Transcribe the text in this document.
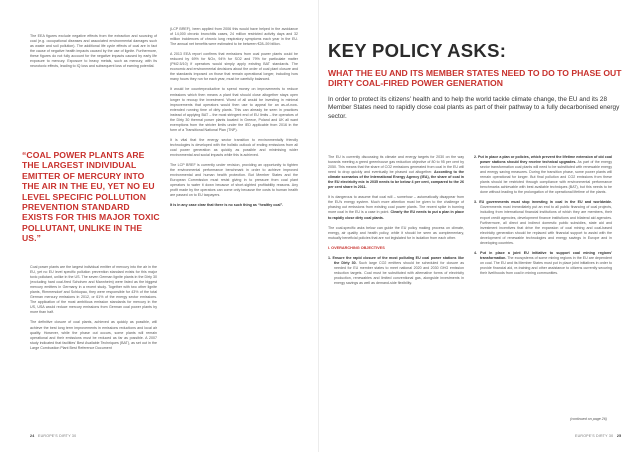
The EEA figures exclude negative effects from the extraction and sourcing of coal (e.g. occupational diseases and associated environmental damages such as waste and soil pollution). The additional life cycle effects of coal are in fact the cause of negative health impacts caused by the use of lignite. Furthermore, these figures do not fully account for the negative impacts caused by early life exposure to mercury. Exposure to heavy metals, such as mercury, with its neurotoxic effects, leading to IQ loss and subsequent loss of earning potential.

“COAL POWER PLANTS ARE THE LARGEST INDIVIDUAL EMITTER OF MERCURY INTO THE AIR IN THE EU, YET NO EU LEVEL SPECIFIC POLLUTION PREVENTION STANDARD EXISTS FOR THIS MAJOR TOXIC POLLUTANT, UNLIKE IN THE US.”

Coal power plants are the largest individual emitter of mercury into the air in the EU, yet no EU level specific pollution prevention standard exists for this major toxic pollutant, unlike in the US. The seven German lignite plants in the Dirty 30 (excluding hard coal-fired Scholven and Mannheim) were listed as the biggest mercury emitters in Germany in a recent study. Together with two other lignite plants, Rimmersdorf and Schkopau, they were responsible for 43% of the total German mercury emissions in 2012, or 61% of the energy sector emissions. The application of the most ambitious emission standards for mercury in the US, USA would reduce mercury emissions from German coal power plants by more than half.

The definitive closure of coal plants, achieved as quickly as possible, will achieve the best long term improvements in emissions reductions and local air quality. However, while the phase out occurs, some plants will remain operational and their emissions must be reduced as far as possible. A 2007 study indicated that facilities' Best Available Techniques (BAT), as set out in the Large Combustion Plant Best Reference Document

(LCP BREF), been applied from 2006 this would have helped in the avoidance of 14,000 chronic bronchitis cases, 24 million restricted activity days and 32 million incidences of chronic lung respiratory symptoms each year in the EU. The annual net benefits were estimated to be between €28–59 billion.

A 2013 EEA report confirms that emissions from coal power plants could be reduced by 69% for NOx, 94% for SO2 and 79% for particulate matter (PM2.5/10) if operators would simply apply existing BAT standards. The economic and environmental decisions about the order of coal plant closure and the standards imposed on those that remain operational longer, including how many hours they run for each year, must be carefully balanced.

It would be counterproductive to spend money on improvements to reduce emissions which then means a plant that should close altogether stays open longer to recoup the investment. Worst of all would be investing in minimal improvements that operators would then use to appeal for an as-of-now-extended running time of dirty plants. This can already be seen in practices instead of applying BAT – the most stringent end of EU limits – the operators of the Dirty 30 thermal power plants located in Greece, Poland and UK all want exemptions from the stricter limits under the IED applicable from 2016 in the form of a Transitional National Plan (TNP).

It is vital that the energy sector transition to environmentally friendly technologies is developed with the holistic outlook of ending emissions from all coal power generation as quickly as possible and minimising wider environmental and social impacts while this is achieved.

The LCP BREF is currently under revision, providing an opportunity to tighten the environmental performance benchmark in order to achieve improved environmental and human health protection. But Member States and the European Commission must resist giving in to pressure from coal plant operators to water it down because of short-sighted profitability reasons. Any profit made by the operators can come only because the costs to human health are passed on to EU taxpayers.

It is in any case clear that there is no such thing as “healthy coal”.

24 EUROPE'S DIRTY 30
KEY POLICY ASKS:
WHAT THE EU AND ITS MEMBER STATES NEED TO DO TO PHASE OUT DIRTY COAL-FIRED POWER GENERATION
In order to protect its citizens' health and to help the world tackle climate change, the EU and its 28 Member States need to rapidly close coal plants as part of their pathway to a fully decarbonised energy sector.

The EU is currently discussing its climate and energy targets for 2030 on the way towards meeting a greed greenhouse gas reduction objective of 80 to 95 per cent by 2050. This means that the share of CO2 emissions generated from coal in the EU will need to drop quickly and eventually be phased out altogether. According to the climate scenarios of the International Energy Agency (IEA), the share of coal in the EU electricity mix in 2035 needs to be below 4 per cent, compared to the 26 per cent share in 2011.

It is dangerous to assume that coal will – somehow – automatically disappear from the EU's energy system. Much more attention must be given to the challenge of phasing out emissions from existing coal power plants. The recent spike in burning more coal in the EU is a case in point. Clearly the EU needs to put a plan in place to rapidly close dirty coal plants.

The coal-specific asks below can guide the EU policy making process on climate, energy, air quality and health policy, while it should be seen as complementary, mutually beneficial policies that are not legislated for in isolation from each other.

I. OVERARCHING OBJECTIVES

1. Ensure the rapid closure of the most polluting EU coal power stations like the Dirty 30. Such large CO2 emitters should be scheduled for closure as needed for EU member states to meet national 2020 and 2030 GHG emission reduction targets. Coal must be substituted with alternative forms of electricity production, renewables and limited conventional gas, alongside investments in energy savings as well as demand-side flexibility.
2. Put in place a plan or policies, which prevent the lifetime extension of old coal power stations should they receive technical upgrades. As part of the energy sector transformation coal plants will need to be substituted with renewable energy and energy saving measures. During the transition phase, some power plants will remain operational for longer. But final pollution and CO2 emissions from these plants should be restricted through compliance with environmental performance benchmarks achievable with best available techniques (BAT), but this needs to be done without leading to the prolongation of the operational lifetime of the plants.
3. EU governments must stop investing in coal in the EU and worldwide. Governments must immediately put an end to all public financing of coal projects, including from international financial institutions of which they are members, their export credit agencies, development finance institutions and bilateral aid agencies. Furthermore, all direct and indirect domestic public subsidies, state aid and investment incentives that drive the expansion of coal mining and coal-based electricity generation should be replaced with financial support to assist with the development of renewable technologies and energy savings in Europe and in developing countries.
4. Put in place a joint EU initiative to support coal mining regions' transformation. The ecosystems of some mining regions in the EU are dependent on coal. The EU and its Member States must put in place joint initiatives in order to provide financial aid, re-training and other assistance to citizens currently securing their livelihoods from coal in mining communities.
(continued on page 26)
EUROPE'S DIRTY 30 25
